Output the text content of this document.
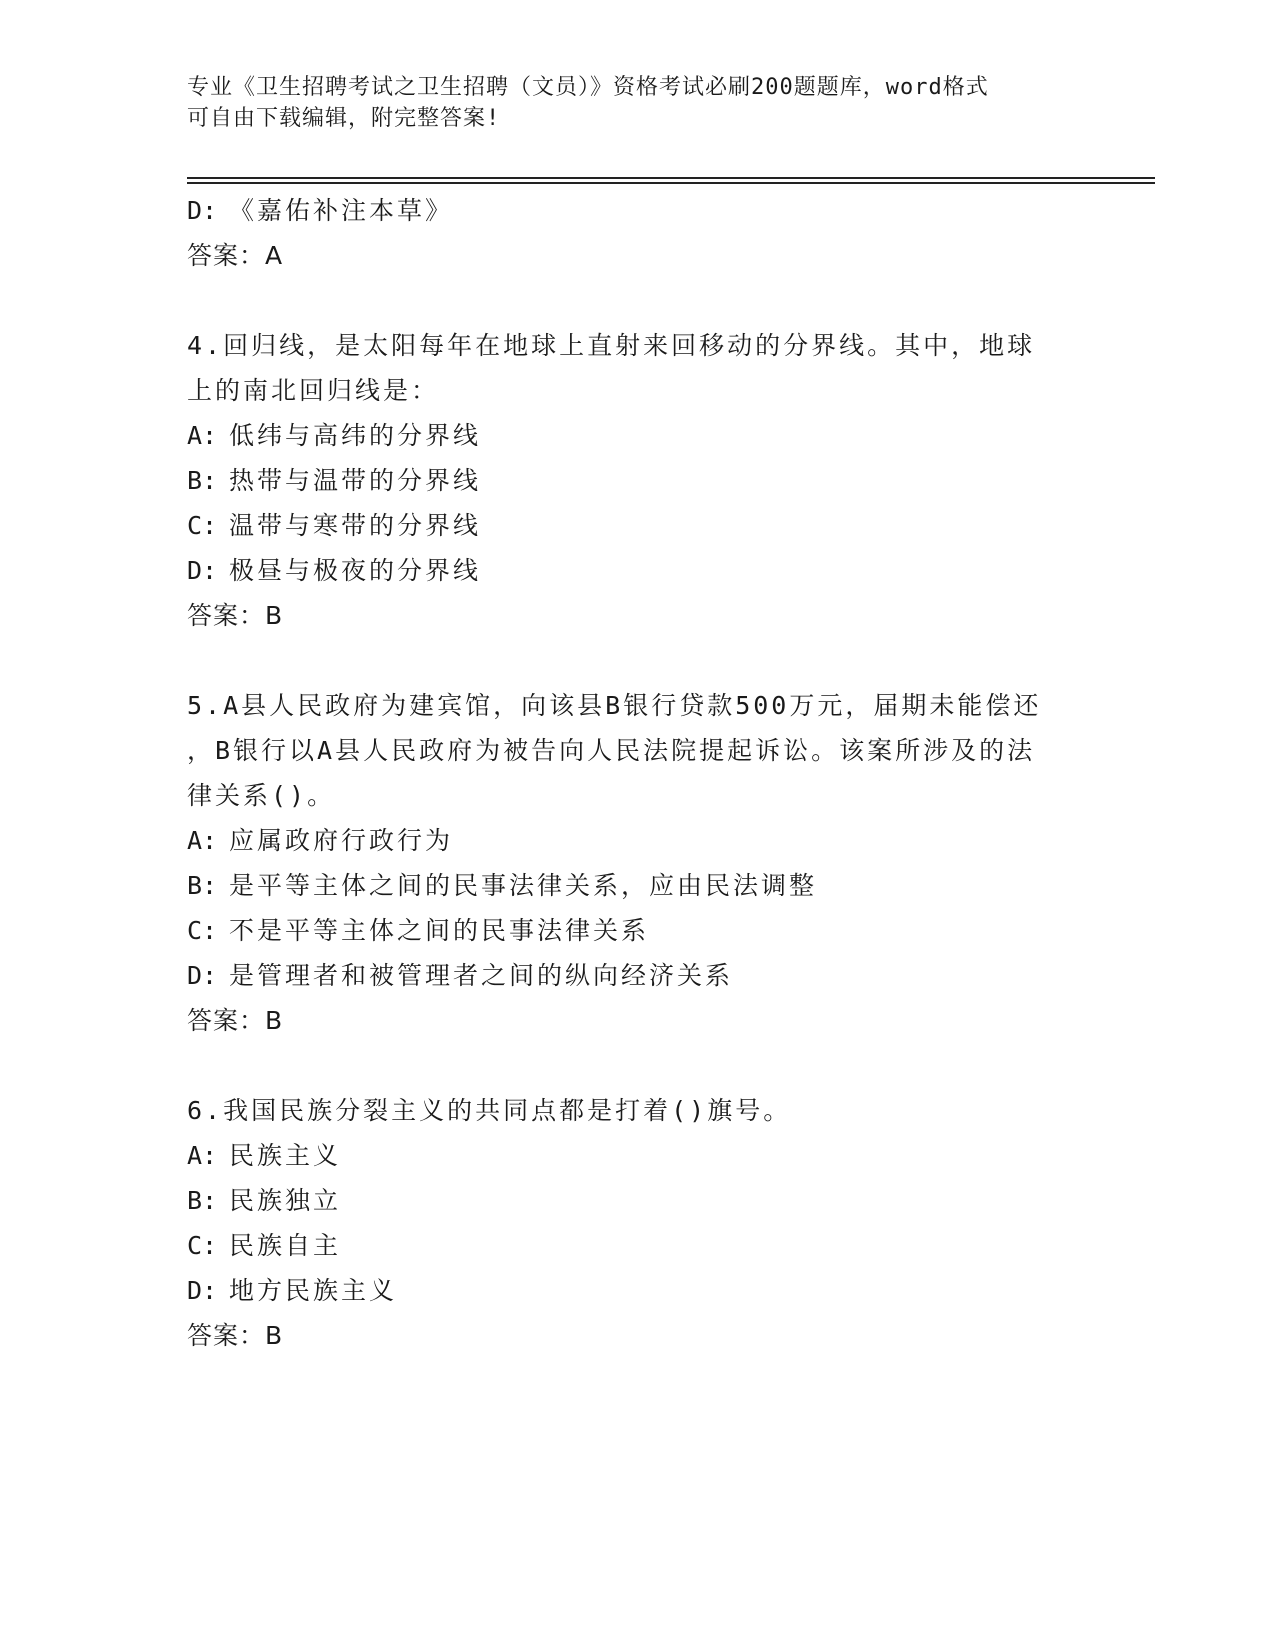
专业《卫生招聘考试之卫生招聘（文员）》资格考试必刷200题题库，word格式
可自由下载编辑，附完整答案!
D: 《嘉佑补注本草》
答案：A
4.回归线，是太阳每年在地球上直射来回移动的分界线。其中，地球
上的南北回归线是：
A: 低纬与高纬的分界线
B: 热带与温带的分界线
C: 温带与寒带的分界线
D: 极昼与极夜的分界线
答案：B
5.A县人民政府为建宾馆，向该县B银行贷款500万元，届期未能偿还
，B银行以A县人民政府为被告向人民法院提起诉讼。该案所涉及的法
律关系()。
A: 应属政府行政行为
B: 是平等主体之间的民事法律关系，应由民法调整
C: 不是平等主体之间的民事法律关系
D: 是管理者和被管理者之间的纵向经济关系
答案：B
6.我国民族分裂主义的共同点都是打着()旗号。
A: 民族主义
B: 民族独立
C: 民族自主
D: 地方民族主义
答案：B
